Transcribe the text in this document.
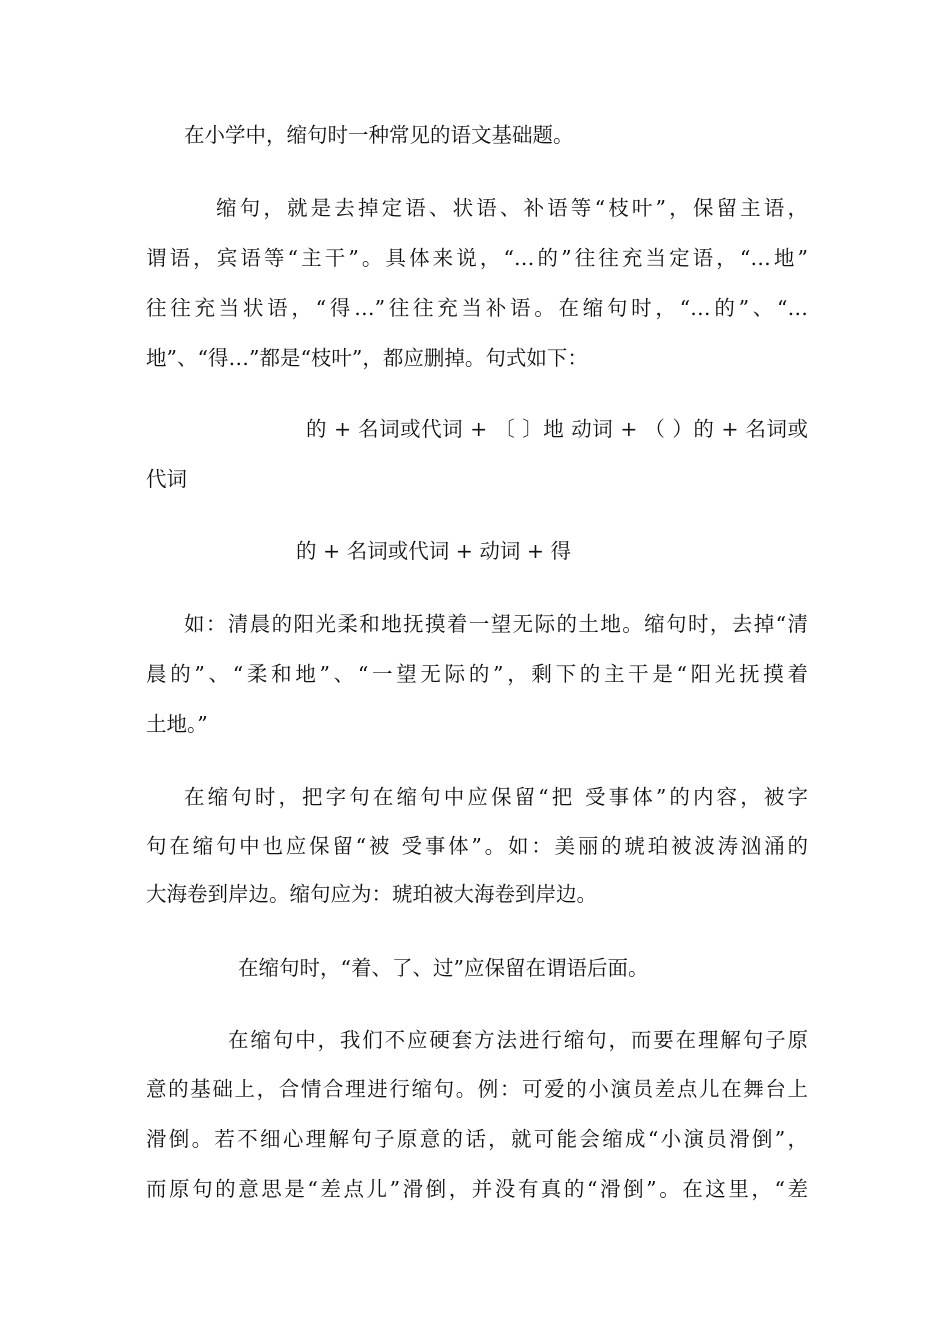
在小学中，缩句时一种常见的语文基础题。

缩句，就是去掉定语、状语、补语等“枝叶”，保留主语，

谓语，宾语等“主干”。具体来说，“…的”往往充当定语，“…地”

往往充当状语，“得…”往往充当补语。在缩句时，“…的”、“…

地”、“得…”都是“枝叶”，都应删掉。句式如下：

的 + 名词或代词 + 〔 〕地 动词 + （ ）的 + 名词或

代词

的 + 名词或代词 + 动词 + 得

如：清晨的阳光柔和地抚摸着一望无际的土地。缩句时，去掉“清

晨的”、“柔和地”、“一望无际的”，剩下的主干是“阳光抚摸着

土地。”

在缩句时，把字句在缩句中应保留“把 受事体”的内容，被字

句在缩句中也应保留“被 受事体”。如：美丽的琥珀被波涛汹涌的

大海卷到岸边。缩句应为：琥珀被大海卷到岸边。

在缩句时，“着、了、过”应保留在谓语后面。

在缩句中，我们不应硬套方法进行缩句，而要在理解句子原

意的基础上，合情合理进行缩句。例：可爱的小演员差点儿在舞台上

滑倒。若不细心理解句子原意的话，就可能会缩成“小演员滑倒”，

而原句的意思是“差点儿”滑倒，并没有真的“滑倒”。在这里，“差
